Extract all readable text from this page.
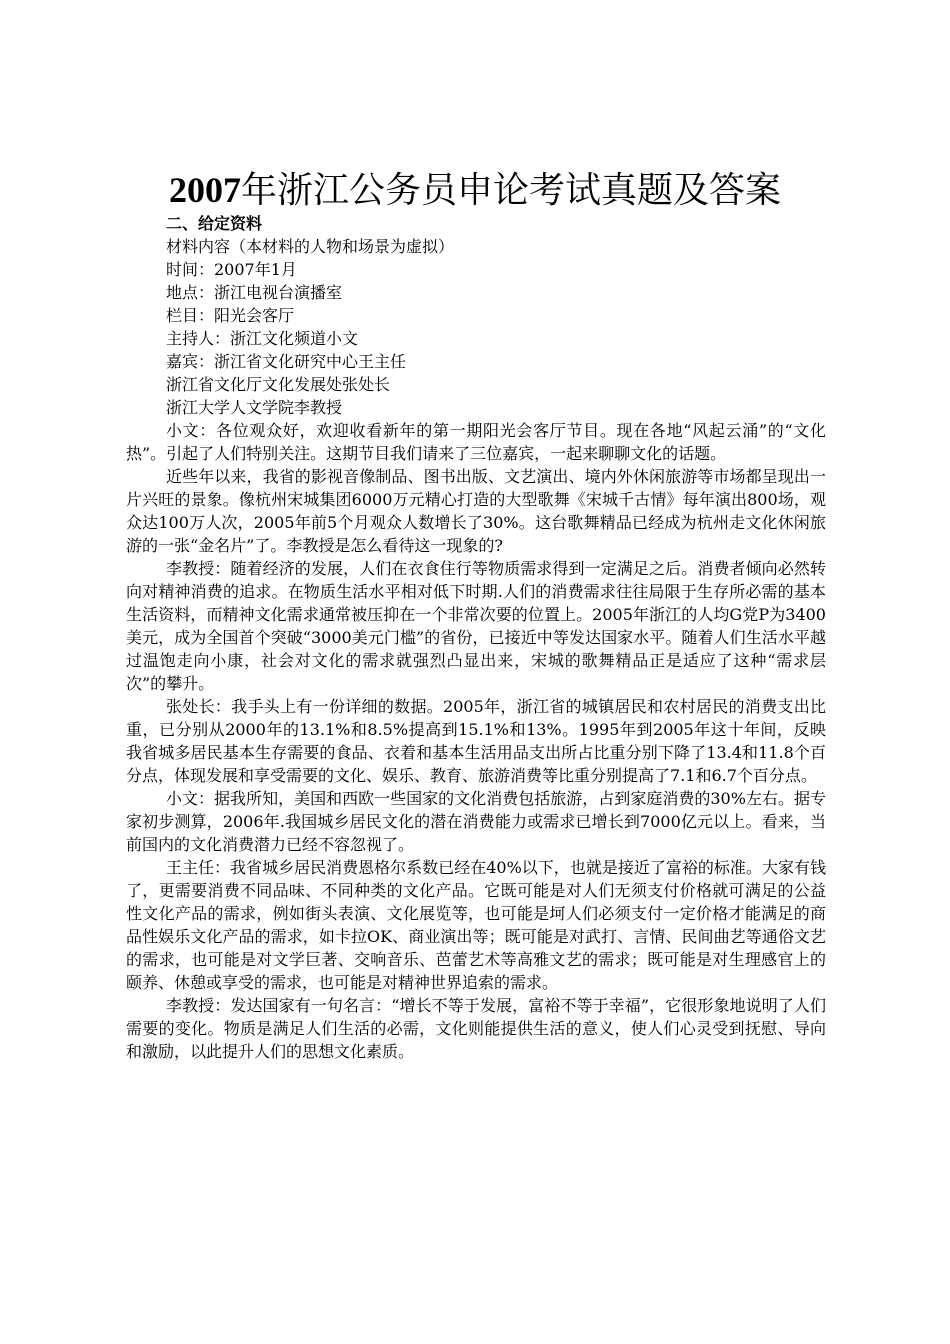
2007年浙江公务员申论考试真题及答案

二、给定资料

材料内容（本材料的人物和场景为虚拟）

时间：2007年1月

地点：浙江电视台演播室

栏目：阳光会客厅

主持人：浙江文化频道小文

嘉宾：浙江省文化研究中心王主任

浙江省文化厅文化发展处张处长

浙江大学人文学院李教授

小文：各位观众好，欢迎收看新年的第一期阳光会客厅节目。现在各地“风起云涌”的“文化热”。引起了人们特别关注。这期节目我们请来了三位嘉宾，一起来聊聊文化的话题。

近些年以来，我省的影视音像制品、图书出版、文艺演出、境内外休闲旅游等市场都呈现出一片兴旺的景象。像杭州宋城集团6000万元精心打造的大型歌舞《宋城千古情》每年演出800场，观众达100万人次，2005年前5个月观众人数增长了30%。这台歌舞精品已经成为杭州走文化休闲旅游的一张“金名片”了。李教授是怎么看待这一现象的?

李教授：随着经济的发展，人们在衣食住行等物质需求得到一定满足之后。消费者倾向必然转向对精神消费的追求。在物质生活水平相对低下时期.人们的消费需求往往局限于生存所必需的基本生活资料，而精神文化需求通常被压抑在一个非常次要的位置上。2005年浙江的人均G党P为3400美元，成为全国首个突破“3000美元门槛”的省份，已接近中等发达国家水平。随着人们生活水平越过温饱走向小康，社会对文化的需求就强烈凸显出来，宋城的歌舞精品正是适应了这种“需求层次”的攀升。

张处长：我手头上有一份详细的数据。2005年，浙江省的城镇居民和农村居民的消费支出比重，已分别从2000年的13.1%和8.5%提高到15.1%和13%。1995年到2005年这十年间，反映我省城多居民基本生存需要的食品、衣着和基本生活用品支出所占比重分别下降了13.4和11.8个百分点，体现发展和享受需要的文化、娱乐、教育、旅游消费等比重分别提高了7.1和6.7个百分点。

小文：据我所知，美国和西欧一些国家的文化消费包括旅游，占到家庭消费的30%左右。据专家初步测算，2006年.我国城乡居民文化的潜在消费能力或需求已增长到7000亿元以上。看来，当前国内的文化消费潜力已经不容忽视了。

王主任：我省城乡居民消费恩格尔系数已经在40%以下，也就是接近了富裕的标准。大家有钱了，更需要消费不同品味、不同种类的文化产品。它既可能是对人们无须支付价格就可满足的公益性文化产品的需求，例如街头表演、文化展览等，也可能是坷人们必须支付一定价格才能满足的商品性娱乐文化产品的需求，如卡拉OK、商业演出等；既可能是对武打、言情、民间曲艺等通俗文艺的需求，也可能是对文学巨著、交响音乐、芭蕾艺术等高雅文艺的需求；既可能是对生理感官上的颐养、休憩或享受的需求，也可能是对精神世界追索的需求。

李教授：发达国家有一句名言：“增长不等于发展，富裕不等于幸福”，它很形象地说明了人们需要的变化。物质是满足人们生活的必需，文化则能提供生活的意义，使人们心灵受到抚慰、导向和激励，以此提升人们的思想文化素质。
